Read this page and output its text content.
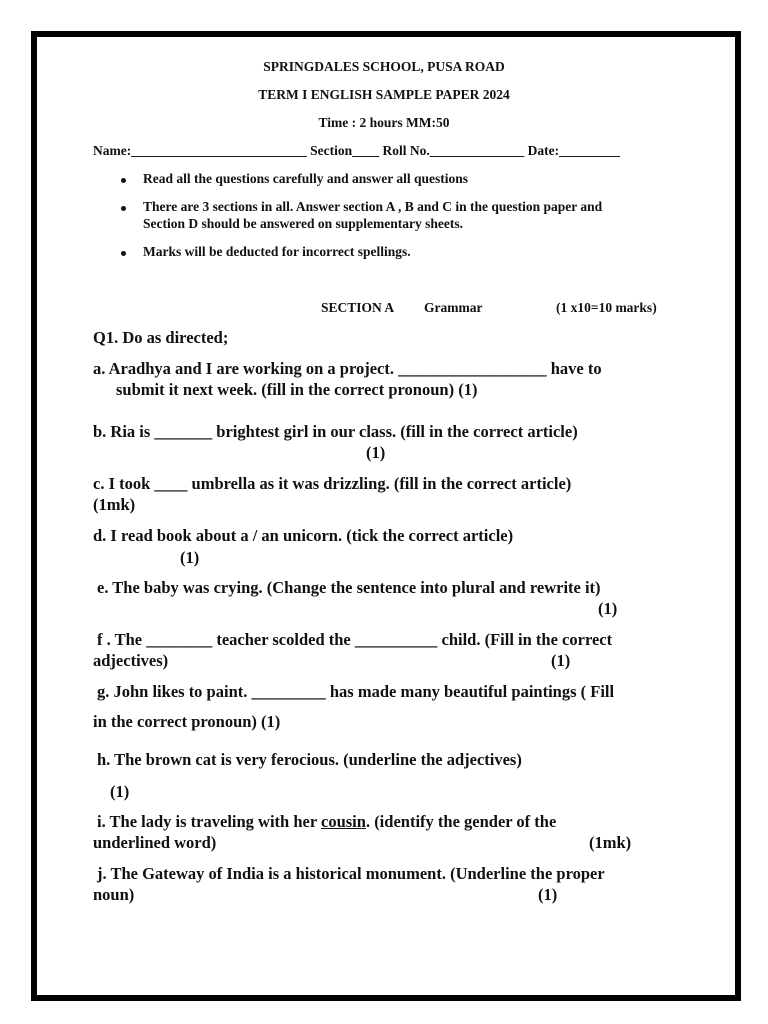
SPRINGDALES SCHOOL, PUSA ROAD
TERM I ENGLISH SAMPLE PAPER 2024
Time : 2 hours MM:50
Name:__________________________ Section____ Roll No.______________ Date:_________
Read all the questions carefully and answer all questions
There are 3 sections in all. Answer section A , B and C in the question paper and
Section D should be answered on supplementary sheets.
Marks will be deducted for incorrect spellings.
SECTION A Grammar	(1 x10=10 marks)
Q1. Do as directed;
a. Aradhya and I are working on a project. __________________ have to
submit it next week. (fill in the correct pronoun) (1)
b. Ria is _______ brightest girl in our class. (fill in the correct article)
(1)
c. I took ____ umbrella as it was drizzling. (fill in the correct article)
(1mk)
d. I read book about a / an unicorn. (tick the correct article)
(1)
e. The baby was crying. (Change the sentence into plural and rewrite it)
(1)
f . The ________ teacher scolded the __________ child. (Fill in the correct
adjectives)	(1)
g. John likes to paint. _________ has made many beautiful paintings ( Fill
in the correct pronoun) (1)
h. The brown cat is very ferocious. (underline the adjectives)
(1)
i. The lady is traveling with her cousin. (identify the gender of the
underlined word)	(1mk)
j. The Gateway of India is a historical monument. (Underline the proper
noun)	(1)
